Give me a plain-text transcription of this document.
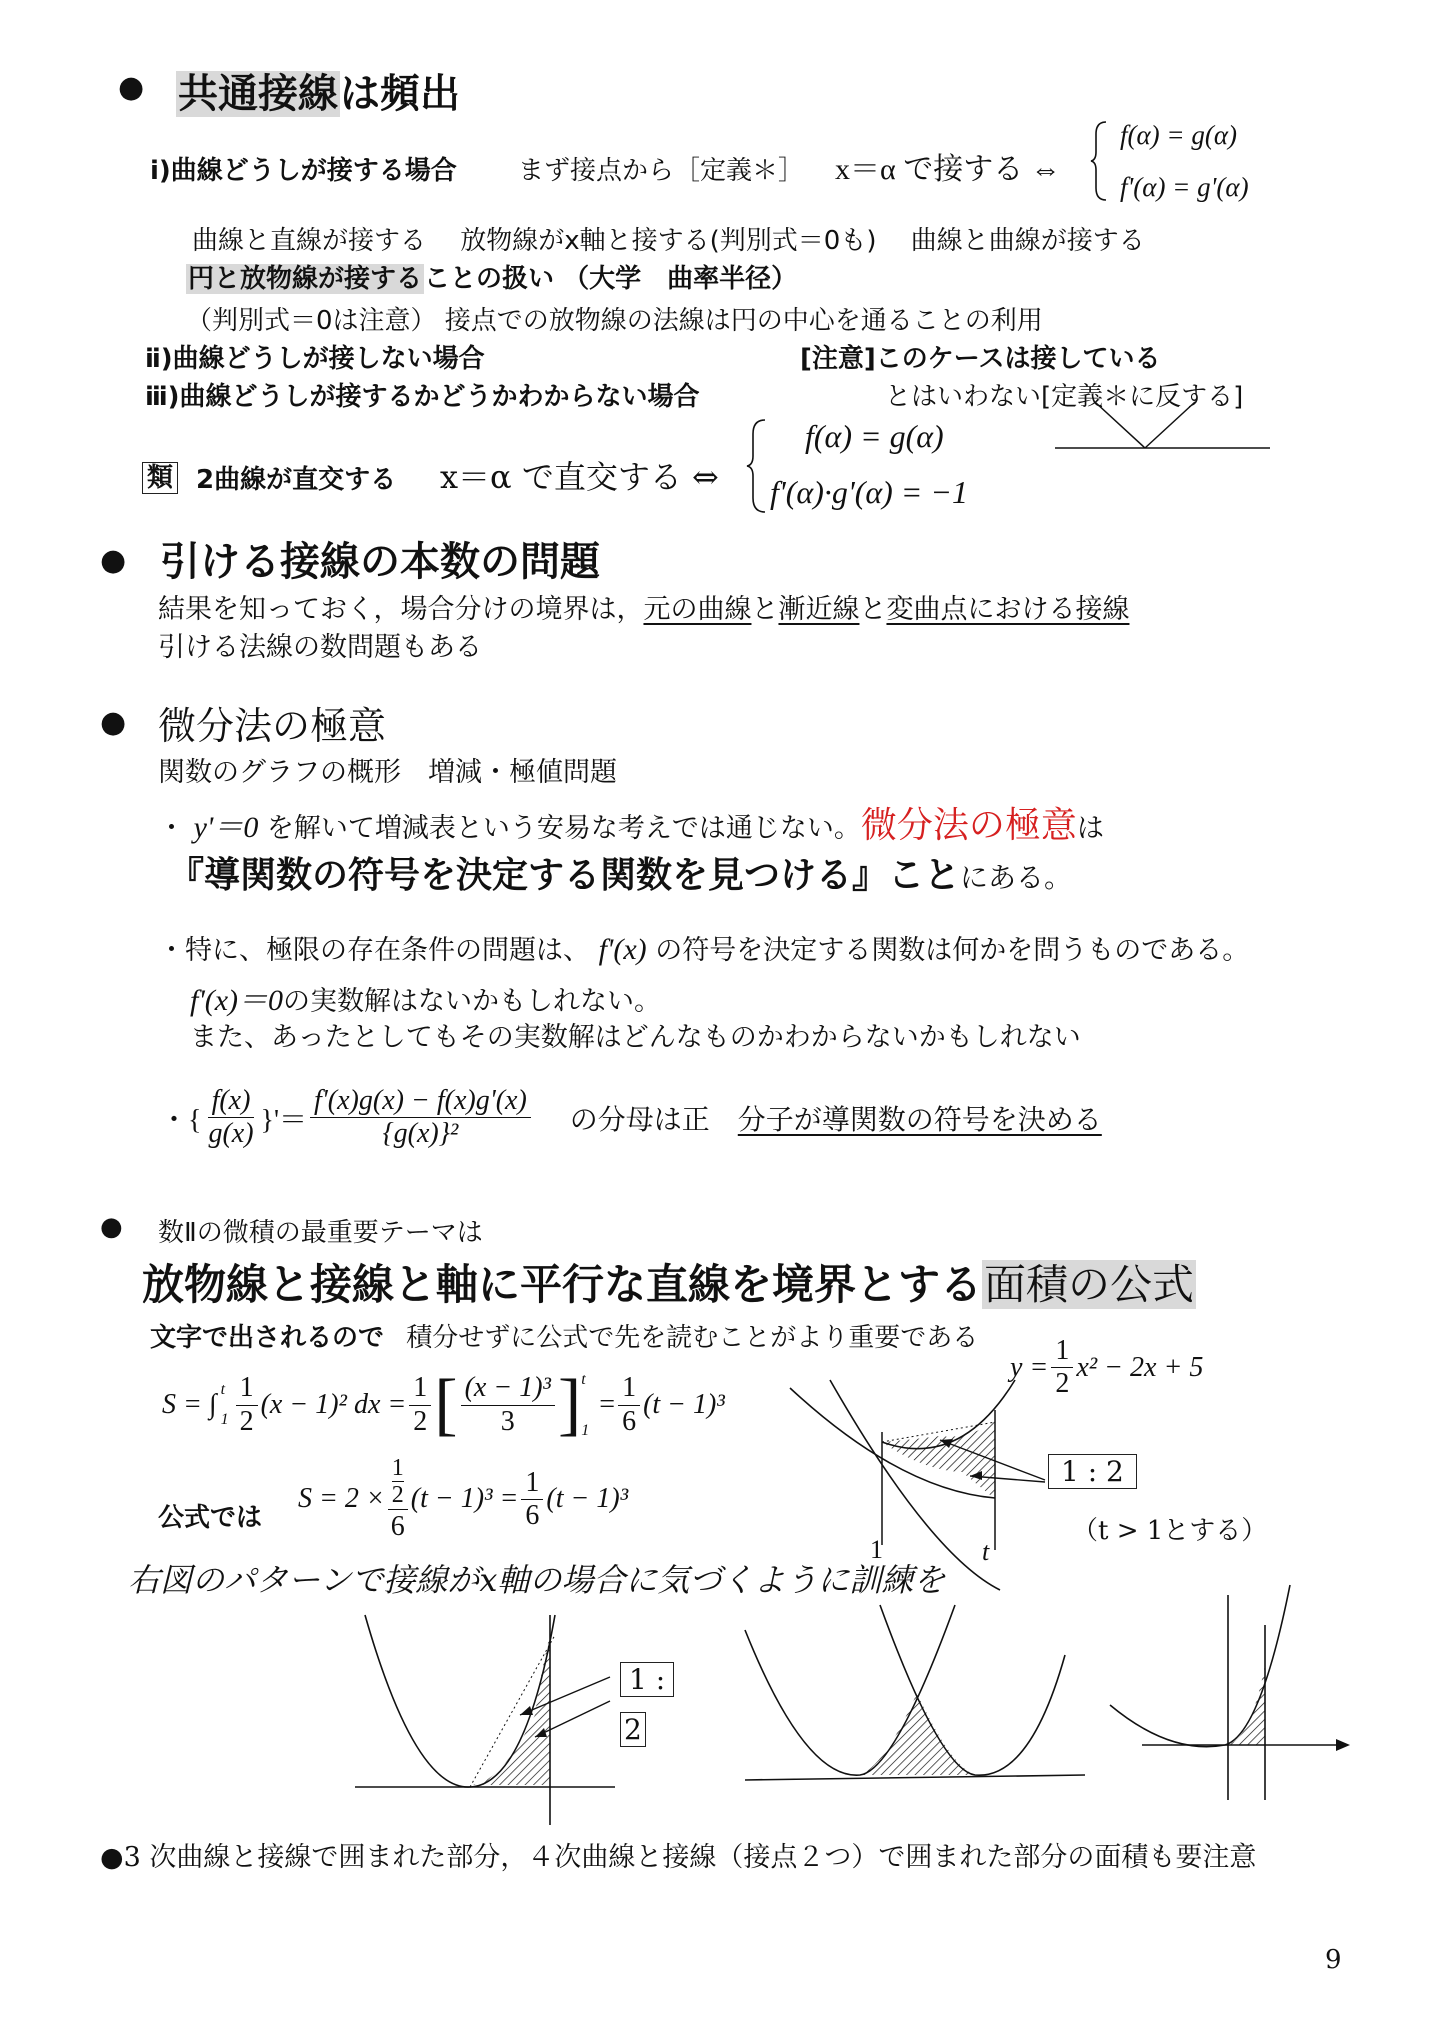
● 共通接線は頻出
ⅰ)曲線どうしが接する場合 まず接点から［定義＊］ x＝α で接する ⇔
f(α) = g(α)
f'(α) = g'(α)
曲線と直線が接する　 放物線がx軸と接する(判別式＝0も)　 曲線と曲線が接する
円と放物線が接することの扱い （大学　曲率半径）
（判別式＝0は注意） 接点での放物線の法線は円の中心を通ることの利用
ⅱ)曲線どうしが接しない場合	[注意]このケースは接している
ⅲ)曲線どうしが接するかどうかわからない場合	とはいわない[定義＊に反する]
類 2曲線が直交する x＝α で直交する ⇔
f(α) = g(α)
f'(α)·g'(α) = −1
● 引ける接線の本数の問題
結果を知っておく，場合分けの境界は，元の曲線と漸近線と変曲点における接線
引ける法線の数問題もある
● 微分法の極意
関数のグラフの概形　増減・極値問題
・ y'＝0 を解いて増減表という安易な考えでは通じない。微分法の極意は
『導関数の符号を決定する関数を見つける』ことにある。
・特に、極限の存在条件の問題は、 f'(x) の符号を決定する関数は何かを問うものである。
f'(x)＝0の実数解はないかもしれない。
また、あったとしてもその実数解はどんなものかわからないかもしれない
・{ $\frac{f(x)}{g(x)}$ }'＝ $\frac{f'(x)g(x) - f(x)g'(x)}{\text{\{g(x)\}²}}$ の分母は正 分子が導関数の符号を決める
● 数Ⅱの微積の最重要テーマは
放物線と接線と軸に平行な直線を境界とする面積の公式
文字で出されるので 積分せずに公式で先を読むことがより重要である
S = ∫ t
$1 \frac{1}{2} (x - 1)^2$ dx = $\frac{1}{2}$ [ $\frac{\text{(x − 1)³}}{3}$ ] t
1
= $\frac{1}{6} (t - 1)^3$
$y = \frac{1}{2} x^2 - 2x + 5$
1 : 2
1	t
公式では
S = 2 ×
1
2
6
$(t - 1)^3 = \frac{1}{6} (t - 1)^3$
（t > 1とする）
右図のパターンで接線がx軸の場合に気づくように訓練を
1 :
2
●3 次曲線と接線で囲まれた部分，４次曲線と接線（接点２つ）で囲まれた部分の面積も要注意
9
